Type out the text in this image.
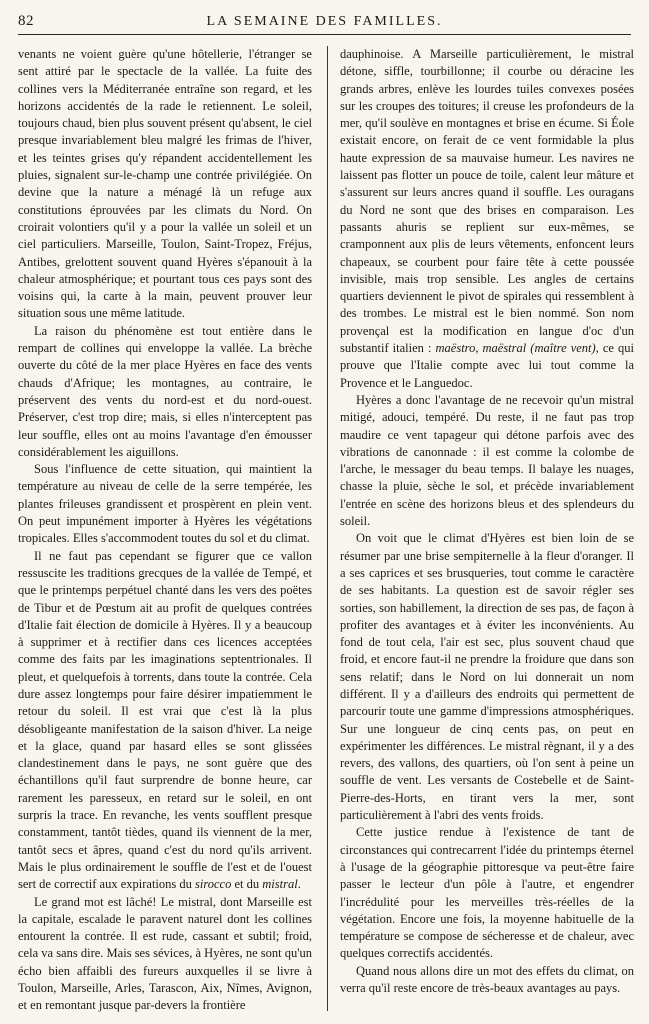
82	LA SEMAINE DES FAMILLES.

venants ne voient guère qu'une hôtellerie, l'étranger se sent attiré par le spectacle de la vallée. La fuite des collines vers la Méditerranée entraîne son regard, et les horizons accidentés de la rade le retiennent. Le soleil, toujours chaud, bien plus souvent présent qu'absent, le ciel presque invariablement bleu malgré les frimas de l'hiver, et les teintes grises qu'y répandent accidentellement les pluies, signalent sur-le-champ une contrée privilégiée. On devine que la nature a ménagé là un refuge aux constitutions éprouvées par les climats du Nord. On croirait volontiers qu'il y a pour la vallée un soleil et un ciel particuliers. Marseille, Toulon, Saint-Tropez, Fréjus, Antibes, grelottent souvent quand Hyères s'épanouit à la chaleur atmosphérique; et pourtant tous ces pays sont des voisins qui, la carte à la main, peuvent prouver leur situation sous une même latitude.

La raison du phénomène est tout entière dans le rempart de collines qui enveloppe la vallée. La brèche ouverte du côté de la mer place Hyères en face des vents chauds d'Afrique; les montagnes, au contraire, le préservent des vents du nord-est et du nord-ouest. Préserver, c'est trop dire; mais, si elles n'interceptent pas leur souffle, elles ont au moins l'avantage d'en émousser considérablement les aiguillons.

Sous l'influence de cette situation, qui maintient la température au niveau de celle de la serre tempérée, les plantes frileuses grandissent et prospèrent en plein vent. On peut impunément importer à Hyères les végétations tropicales. Elles s'accommodent toutes du sol et du climat.

Il ne faut pas cependant se figurer que ce vallon ressuscite les traditions grecques de la vallée de Tempé, et que le printemps perpétuel chanté dans les vers des poëtes de Tibur et de Pœstum ait au profit de quelques contrées d'Italie fait élection de domicile à Hyères. Il y a beaucoup à supprimer et à rectifier dans ces licences acceptées comme des faits par les imaginations septentrionales. Il pleut, et quelquefois à torrents, dans toute la contrée. Cela dure assez longtemps pour faire désirer impatiemment le retour du soleil. Il est vrai que c'est là la plus désobligeante manifestation de la saison d'hiver. La neige et la glace, quand par hasard elles se sont glissées clandestinement dans le pays, ne sont guère que des échantillons qu'il faut surprendre de bonne heure, car rarement les paresseux, en retard sur le soleil, en ont surpris la trace. En revanche, les vents soufflent presque constamment, tantôt tièdes, quand ils viennent de la mer, tantôt secs et âpres, quand c'est du nord qu'ils arrivent. Mais le plus ordinairement le souffle de l'est et de l'ouest sert de correctif aux expirations du sirocco et du mistral.

Le grand mot est lâché! Le mistral, dont Marseille est la capitale, escalade le paravent naturel dont les collines entourent la contrée. Il est rude, cassant et subtil; froid, cela va sans dire. Mais ses sévices, à Hyères, ne sont qu'un écho bien affaibli des fureurs auxquelles il se livre à Toulon, Marseille, Arles, Tarascon, Aix, Nîmes, Avignon, et en remontant jusque par-devers la frontière

dauphinoise. A Marseille particulièrement, le mistral détone, siffle, tourbillonne; il courbe ou déracine les grands arbres, enlève les lourdes tuiles convexes posées sur les croupes des toitures; il creuse les profondeurs de la mer, qu'il soulève en montagnes et brise en écume. Si Éole existait encore, on ferait de ce vent formidable la plus haute expression de sa mauvaise humeur. Les navires ne laissent pas flotter un pouce de toile, calent leur mâture et s'assurent sur leurs ancres quand il souffle. Les ouragans du Nord ne sont que des brises en comparaison. Les passants ahuris se replient sur eux-mêmes, se cramponnent aux plis de leurs vêtements, enfoncent leurs chapeaux, se courbent pour faire tête à cette poussée invisible, mais trop sensible. Les angles de certains quartiers deviennent le pivot de spirales qui ressemblent à des trombes. Le mistral est le bien nommé. Son nom provençal est la modification en langue d'oc d'un substantif italien : maëstro, maëstral (maître vent), ce qui prouve que l'Italie compte avec lui tout comme la Provence et le Languedoc.

Hyères a donc l'avantage de ne recevoir qu'un mistral mitigé, adouci, tempéré. Du reste, il ne faut pas trop maudire ce vent tapageur qui détone parfois avec des vibrations de canonnade : il est comme la colombe de l'arche, le messager du beau temps. Il balaye les nuages, chasse la pluie, sèche le sol, et précède invariablement l'entrée en scène des horizons bleus et des splendeurs du soleil.

On voit que le climat d'Hyères est bien loin de se résumer par une brise sempiternelle à la fleur d'oranger. Il a ses caprices et ses brusqueries, tout comme le caractère de ses habitants. La question est de savoir régler ses sorties, son habillement, la direction de ses pas, de façon à profiter des avantages et à éviter les inconvénients. Au fond de tout cela, l'air est sec, plus souvent chaud que froid, et encore faut-il ne prendre la froidure que dans son sens relatif; dans le Nord on lui donnerait un nom différent. Il y a d'ailleurs des endroits qui permettent de parcourir toute une gamme d'impressions atmosphériques. Sur une longueur de cinq cents pas, on peut en expérimenter les différences. Le mistral règnant, il y a des revers, des vallons, des quartiers, où l'on sent à peine un souffle de vent. Les versants de Costebelle et de Saint-Pierre-des-Horts, en tirant vers la mer, sont particulièrement à l'abri des vents froids.

Cette justice rendue à l'existence de tant de circonstances qui contrecarrent l'idée du printemps éternel à l'usage de la géographie pittoresque va peut-être faire passer le lecteur d'un pôle à l'autre, et engendrer l'incrédulité pour les merveilles très-réelles de la végétation. Encore une fois, la moyenne habituelle de la température se compose de sécheresse et de chaleur, avec quelques correctifs accidentés.

Quand nous allons dire un mot des effets du climat, on verra qu'il reste encore de très-beaux avantages au pays.
